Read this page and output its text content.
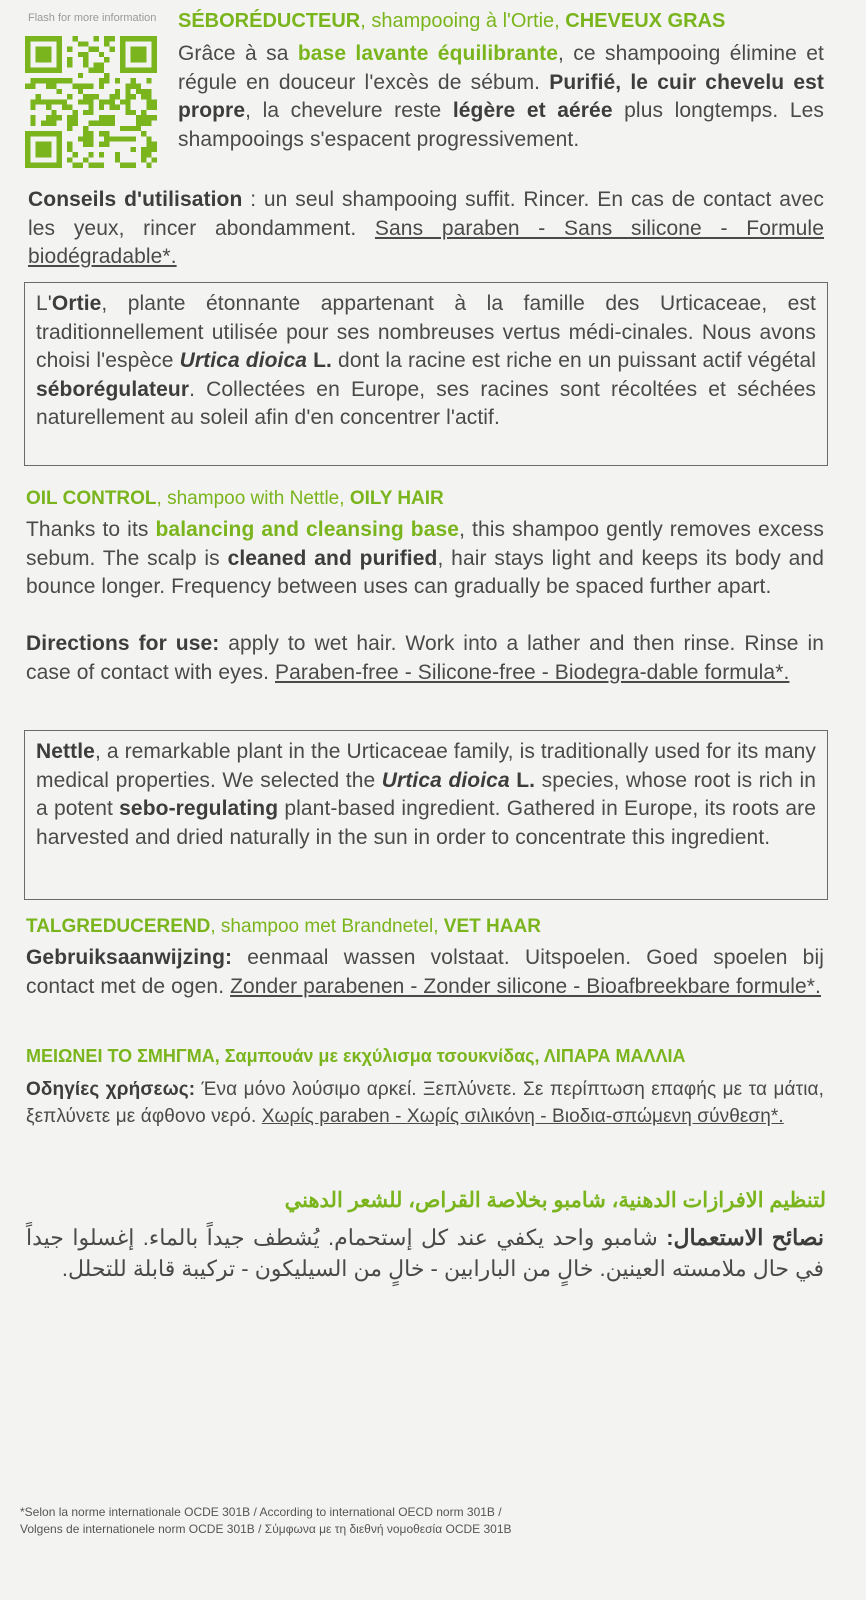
Flash for more information SÉBORÉDUCTEUR, shampooing à l'Ortie, CHEVEUX GRAS
Grâce à sa base lavante équilibrante, ce shampooing élimine et régule en douceur l'excès de sébum. Purifié, le cuir chevelu est propre, la chevelure reste légère et aérée plus longtemps. Les shampooings s'espacent progressivement.
Conseils d'utilisation : un seul shampooing suffit. Rincer. En cas de contact avec les yeux, rincer abondamment. Sans paraben - Sans silicone - Formule biodégradable*.
L'Ortie, plante étonnante appartenant à la famille des Urticaceae, est traditionnellement utilisée pour ses nombreuses vertus médi-cinales. Nous avons choisi l'espèce Urtica dioica L. dont la racine est riche en un puissant actif végétal séborégulateur. Collectées en Europe, ses racines sont récoltées et séchées naturellement au soleil afin d'en concentrer l'actif.
OIL CONTROL, shampoo with Nettle, OILY HAIR
Thanks to its balancing and cleansing base, this shampoo gently removes excess sebum. The scalp is cleaned and purified, hair stays light and keeps its body and bounce longer. Frequency between uses can gradually be spaced further apart.
Directions for use: apply to wet hair. Work into a lather and then rinse. Rinse in case of contact with eyes. Paraben-free - Silicone-free - Biodegra-dable formula*.
Nettle, a remarkable plant in the Urticaceae family, is traditionally used for its many medical properties. We selected the Urtica dioica L. species, whose root is rich in a potent sebo-regulating plant-based ingredient. Gathered in Europe, its roots are harvested and dried naturally in the sun in order to concentrate this ingredient.
TALGREDUCEREND, shampoo met Brandnetel, VET HAAR
Gebruiksaanwijzing: eenmaal wassen volstaat. Uitspoelen. Goed spoelen bij contact met de ogen. Zonder parabenen - Zonder silicone - Bioafbreekbare formule*.
ΜΕΙΩΝΕΙ ΤΟ ΣΜΗΓΜΑ, Σαμπουάν με εκχύλισμα τσουκνίδας, ΛΙΠΑΡΑ ΜΑΛΛΙΑ
Οδηγίες χρήσεως: Ένα μόνο λούσιμο αρκεί. Ξεπλύνετε. Σε περίπτωση επαφής με τα μάτια, ξεπλύνετε με άφθονο νερό. Χωρίς paraben - Χωρίς σιλικόνη - Βιοδια-σπώμενη σύνθεση*.
لتنظيم الافرازات الدهنية، شامبو بخلاصة القراص، للشعر الدهني
نصائح الاستعمال: شامبو واحد يكفي عند كل إستحمام. يُشطف جيداً بالماء. إغسلوا جيداً في حال ملامسته العينين. خالٍ من البارابين - خالٍ من السيليكون - تركيبة قابلة للتحلل.
*Selon la norme internationale OCDE 301B / According to international OECD norm 301B /
Volgens de internationele norm OCDE 301B / Σύμφωνα με τη διεθνή νομοθεσία OCDE 301B
